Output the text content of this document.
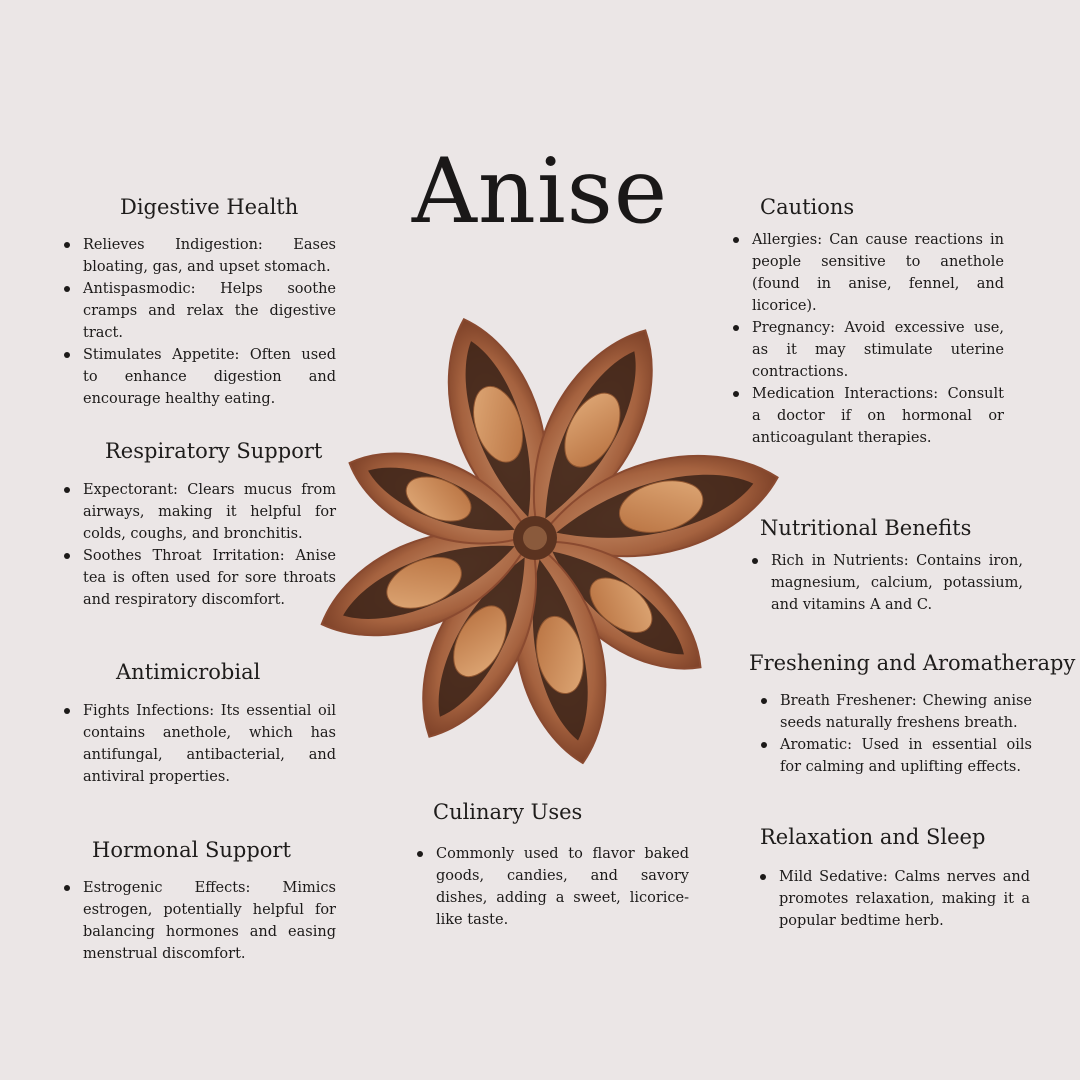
Anise
Digestive Health
Relieves Indigestion: Eases bloating, gas, and upset stomach.
Antispasmodic: Helps soothe cramps and relax the digestive tract.
Stimulates Appetite: Often used to enhance digestion and encourage healthy eating.
Respiratory Support
Expectorant: Clears mucus from airways, making it helpful for colds, coughs, and bronchitis.
Soothes Throat Irritation: Anise tea is often used for sore throats and respiratory discomfort.
Antimicrobial
Fights Infections: Its essential oil contains anethole, which has antifungal, antibacterial, and antiviral properties.
Hormonal Support
Estrogenic Effects: Mimics estrogen, potentially helpful for balancing hormones and easing menstrual discomfort.
Culinary Uses
Commonly used to flavor baked goods, candies, and savory dishes, adding a sweet, licorice-like taste.
Cautions
Allergies: Can cause reactions in people sensitive to anethole (found in anise, fennel, and licorice).
Pregnancy: Avoid excessive use, as it may stimulate uterine contractions.
Medication Interactions: Consult a doctor if on hormonal or anticoagulant therapies.
Nutritional Benefits
Rich in Nutrients: Contains iron, magnesium, calcium, potassium, and vitamins A and C.
Freshening and Aromatherapy
Breath Freshener: Chewing anise seeds naturally freshens breath.
Aromatic: Used in essential oils for calming and uplifting effects.
Relaxation and Sleep
Mild Sedative: Calms nerves and promotes relaxation, making it a popular bedtime herb.
